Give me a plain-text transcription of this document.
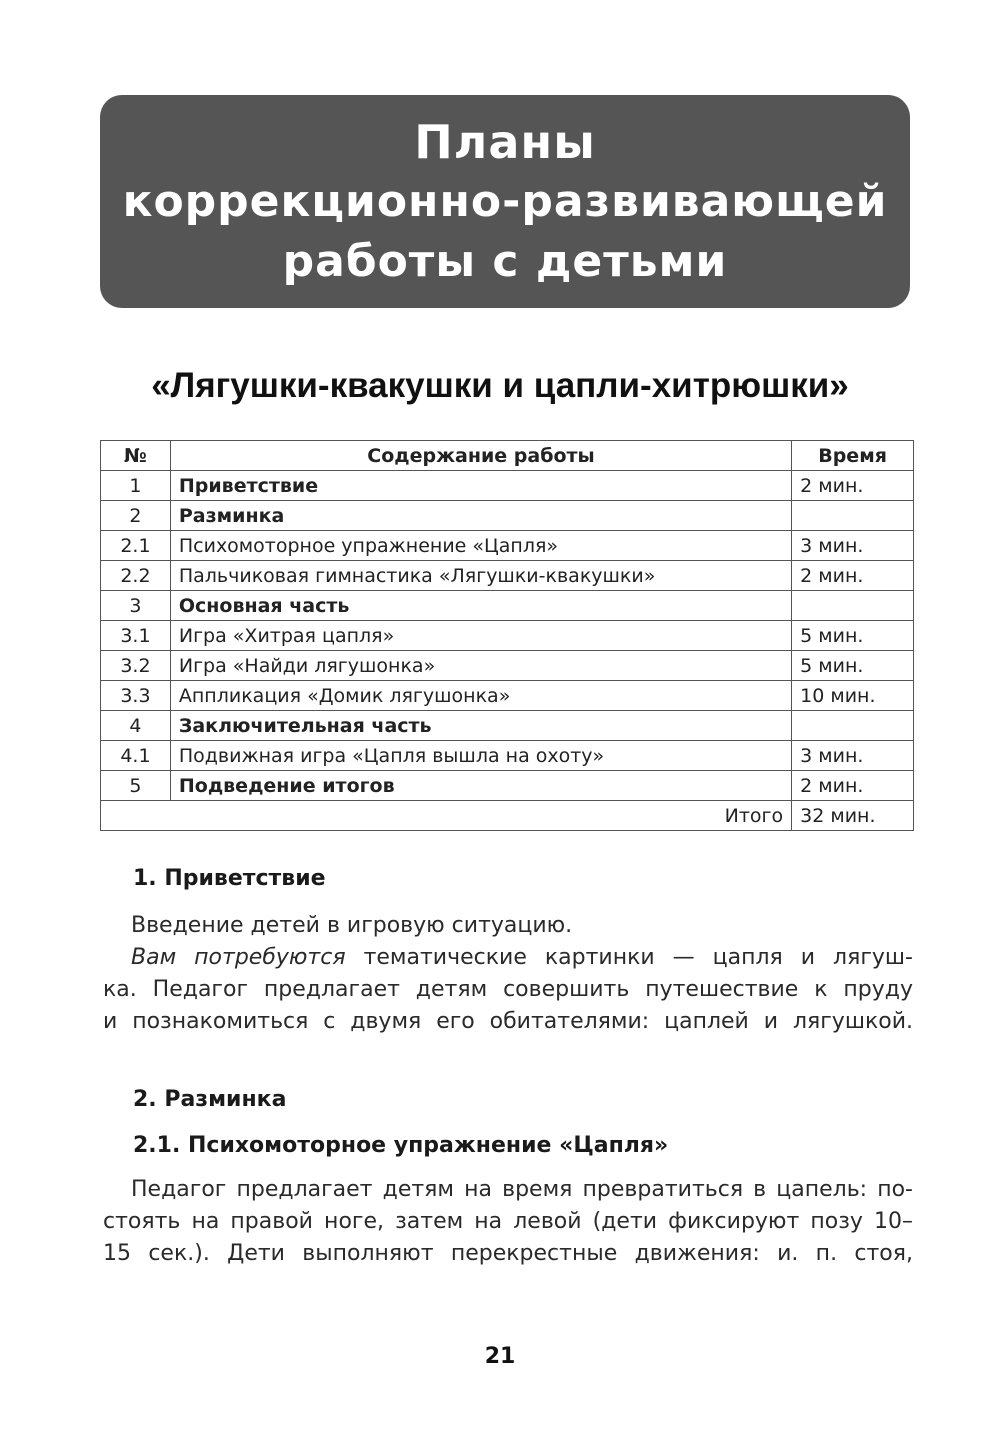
Планы
коррекционно-развивающей
работы с детьми
«Лягушки-квакушки и цапли-хитрюшки»
№	Содержание работы	Время
1	Приветствие	2 мин.
2	Разминка	
2.1	Психомоторное упражнение «Цапля»	3 мин.
2.2	Пальчиковая гимнастика «Лягушки-квакушки»	2 мин.
3	Основная часть	
3.1	Игра «Хитрая цапля»	5 мин.
3.2	Игра «Найди лягушонка»	5 мин.
3.3	Аппликация «Домик лягушонка»	10 мин.
4	Заключительная часть	
4.1	Подвижная игра «Цапля вышла на охоту»	3 мин.
5	Подведение итогов	2 мин.
Итого		32 мин.
1. Приветствие
Введение детей в игровую ситуацию.
Вам потребуются тематические картинки — цапля и лягуш-
ка. Педагог предлагает детям совершить путешествие к пруду
и познакомиться с двумя его обитателями: цаплей и лягушкой.
2. Разминка
2.1. Психомоторное упражнение «Цапля»
Педагог предлагает детям на время превратиться в цапель: по-
стоять на правой ноге, затем на левой (дети фиксируют позу 10–
15 сек.). Дети выполняют перекрестные движения: и. п. стоя,
21
